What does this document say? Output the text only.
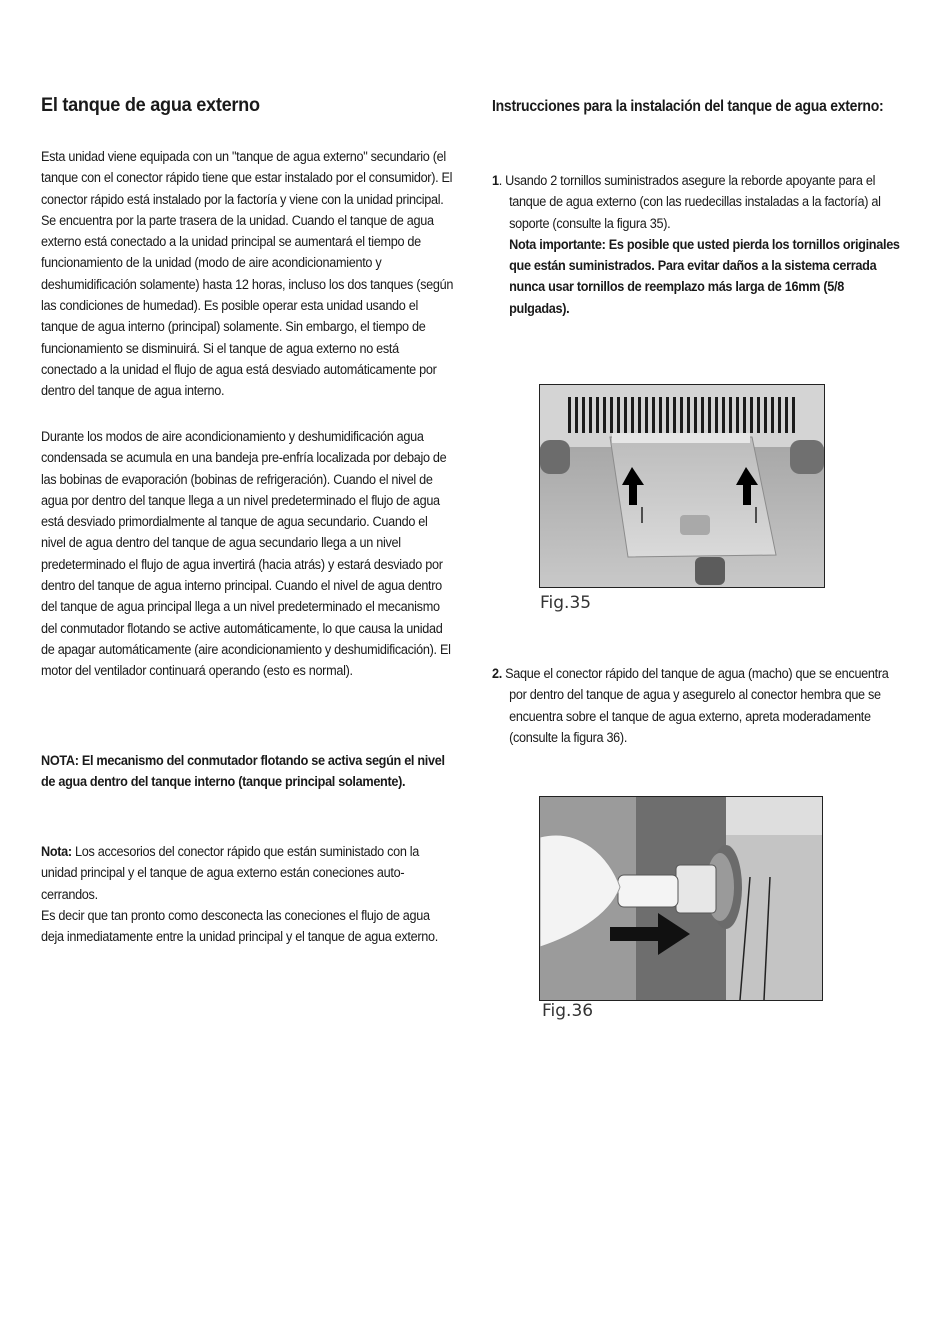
El tanque de agua externo
Esta unidad viene equipada con un "tanque de agua externo" secundario (el tanque con el conector rápido tiene que estar instalado por el consumidor). El conector rápido está instalado por la factoría y viene con la unidad principal. Se encuentra por la parte trasera de la unidad. Cuando el tanque de agua externo está conectado a la unidad principal se aumentará el tiempo de funcionamiento de la unidad (modo de aire acondicionamiento y deshumidificación solamente) hasta 12 horas, incluso los dos tanques (según las condiciones de humedad). Es posible operar esta unidad usando el tanque de agua interno (principal) solamente. Sin embargo, el tiempo de funcionamiento se disminuirá. Si el tanque de agua externo no está conectado a la unidad el flujo de agua está desviado automáticamente por dentro del tanque de agua interno.
Durante los modos de aire acondicionamiento y deshumidificación agua condensada se acumula en una bandeja pre-enfría localizada por debajo de las bobinas de evaporación (bobinas de refrigeración). Cuando el nivel de agua por dentro del tanque llega a un nivel predeterminado el flujo de agua está desviado primordialmente al tanque de agua secundario. Cuando el nivel de agua dentro del tanque de agua secundario llega a un nivel predeterminado el flujo de agua invertirá (hacia atrás) y estará desviado por dentro del tanque de agua interno principal. Cuando el nivel de agua dentro del tanque de agua principal llega a un nivel predeterminado el mecanismo del conmutador flotando se active automáticamente, lo que causa la unidad de apagar automáticamente (aire acondicionamiento y deshumidificación). El motor del ventilador continuará operando (esto es normal).
NOTA: El mecanismo del conmutador flotando se activa según el nivel de agua dentro del tanque interno (tanque principal solamente).
Nota: Los accesorios del conector rápido que están suministado con la unidad principal y el tanque de agua externo están coneciones auto-cerrandos.
Es decir que tan pronto como desconecta las coneciones el flujo de agua deja inmediatamente entre la unidad principal y el tanque de agua externo.
Instrucciones para la instalación del tanque de agua externo:
1. Usando 2 tornillos suministrados asegure la reborde apoyante para el tanque de agua externo (con las ruedecillas instaladas a la factoría) al soporte (consulte la figura 35).
Nota importante: Es posible que usted pierda los tornillos originales que están suministrados. Para evitar daños a la sistema cerrada nunca usar tornillos de reemplazo más larga de 16mm (5/8 pulgadas).
2. Saque el conector rápido del tanque de agua (macho) que se encuentra por dentro del tanque de agua y asegurelo al conector hembra que se encuentra sobre el tanque de agua externo, apreta moderadamente (consulte la figura 36).
Fig.35
Fig.36
